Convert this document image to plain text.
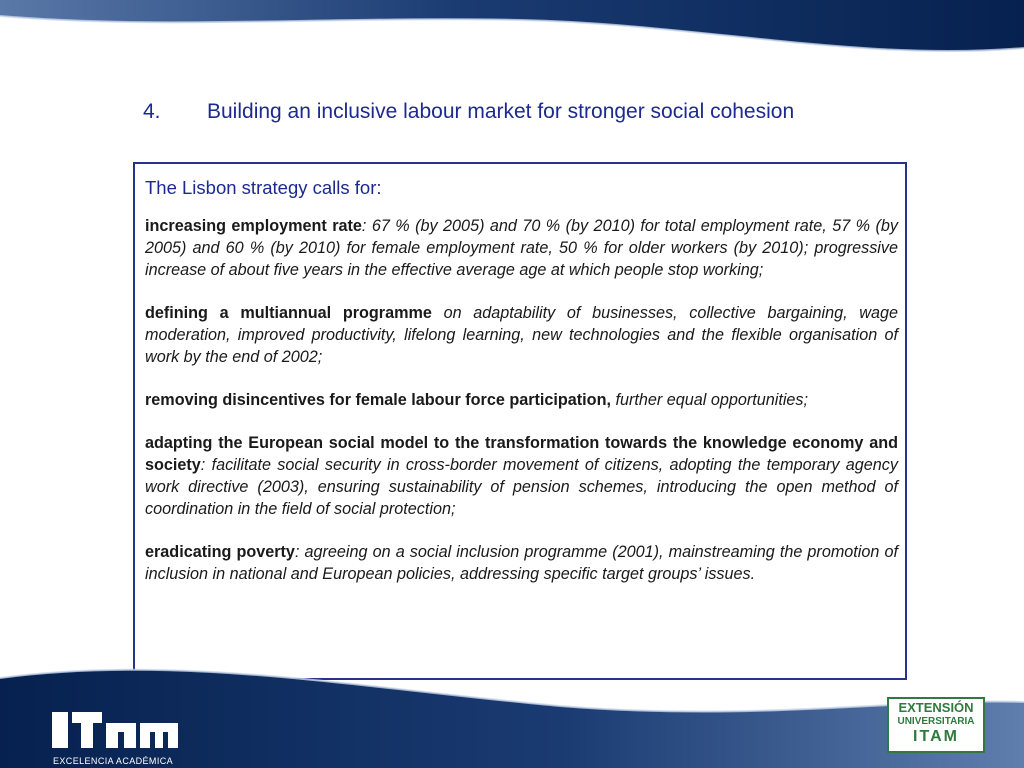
4. Building an inclusive labour market for stronger social cohesion
The Lisbon strategy calls for:

increasing employment rate: 67 % (by 2005) and 70 % (by 2010) for total employment rate, 57 % (by 2005) and 60 % (by 2010) for female employment rate, 50 % for older workers (by 2010); progressive increase of about five years in the effective average age at which people stop working;

defining a multiannual programme on adaptability of businesses, collective bargaining, wage moderation, improved productivity, lifelong learning, new technologies and the flexible organisation of work by the end of 2002;

removing disincentives for female labour force participation, further equal opportunities;

adapting the European social model to the transformation towards the knowledge economy and society: facilitate social security in cross-border movement of citizens, adopting the temporary agency work directive (2003), ensuring sustainability of pension schemes, introducing the open method of coordination in the field of social protection;

eradicating poverty: agreeing on a social inclusion programme (2001), mainstreaming the promotion of inclusion in national and European policies, addressing specific target groups’ issues.

EXCELENCIA ACADÉMICA
EXTENSIÓN
UNIVERSITARIA
ITAM
